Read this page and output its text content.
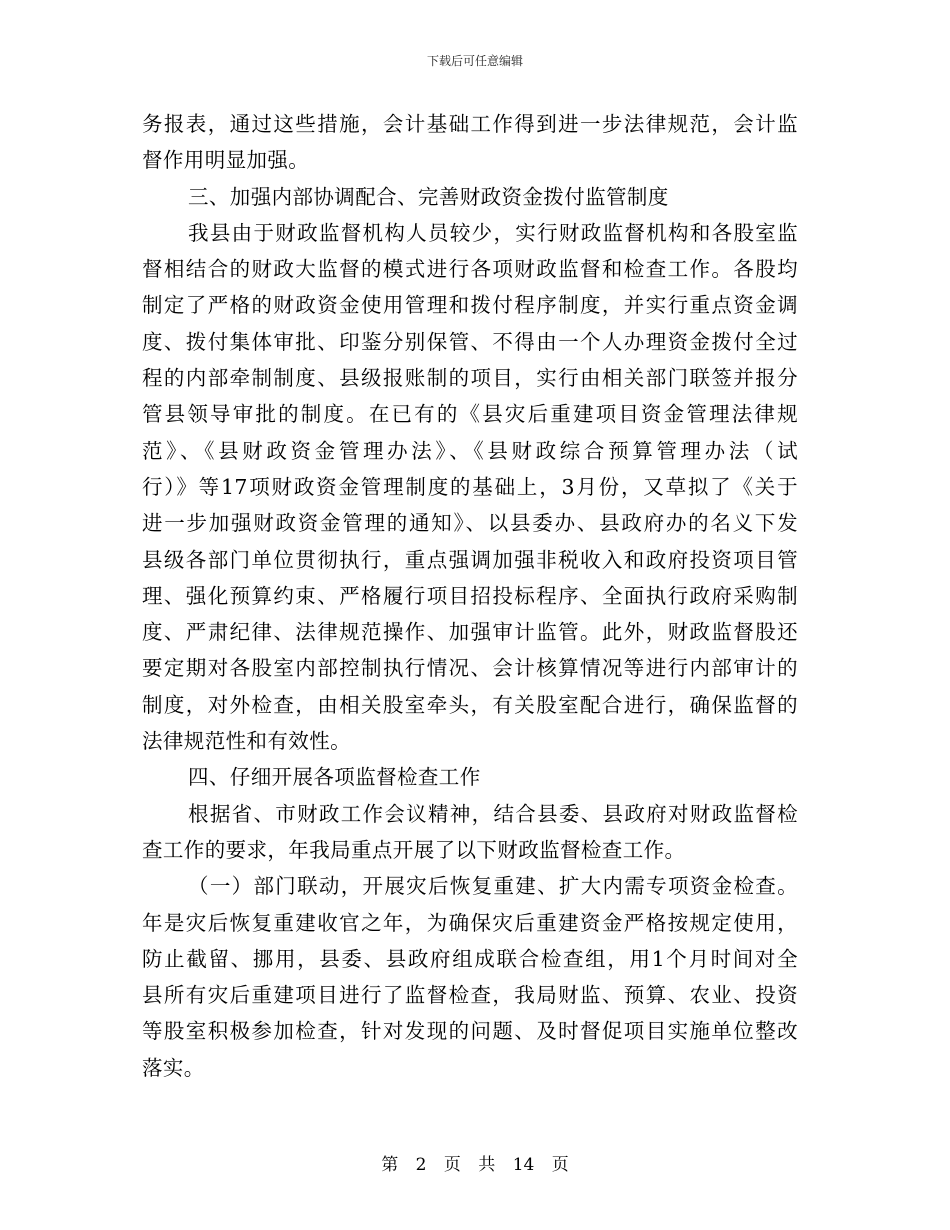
下载后可任意编辑
务报表，通过这些措施，会计基础工作得到进一步法律规范，会计监
督作用明显加强。
三、加强内部协调配合、完善财政资金拨付监管制度
我县由于财政监督机构人员较少，实行财政监督机构和各股室监
督相结合的财政大监督的模式进行各项财政监督和检查工作。各股均
制定了严格的财政资金使用管理和拨付程序制度，并实行重点资金调
度、拨付集体审批、印鉴分别保管、不得由一个人办理资金拨付全过
程的内部牵制制度、县级报账制的项目，实行由相关部门联签并报分
管县领导审批的制度。在已有的《县灾后重建项目资金管理法律规
范》、《县财政资金管理办法》、《县财政综合预算管理办法（试
行）》等17项财政资金管理制度的基础上，3月份，又草拟了《关于
进一步加强财政资金管理的通知》、以县委办、县政府办的名义下发
县级各部门单位贯彻执行，重点强调加强非税收入和政府投资项目管
理、强化预算约束、严格履行项目招投标程序、全面执行政府采购制
度、严肃纪律、法律规范操作、加强审计监管。此外，财政监督股还
要定期对各股室内部控制执行情况、会计核算情况等进行内部审计的
制度，对外检查，由相关股室牵头，有关股室配合进行，确保监督的
法律规范性和有效性。
四、仔细开展各项监督检查工作
根据省、市财政工作会议精神，结合县委、县政府对财政监督检
查工作的要求，年我局重点开展了以下财政监督检查工作。
（一）部门联动，开展灾后恢复重建、扩大内需专项资金检查。
年是灾后恢复重建收官之年，为确保灾后重建资金严格按规定使用，
防止截留、挪用，县委、县政府组成联合检查组，用1个月时间对全
县所有灾后重建项目进行了监督检查，我局财监、预算、农业、投资
等股室积极参加检查，针对发现的问题、及时督促项目实施单位整改
落实。
第 2 页 共 14 页
